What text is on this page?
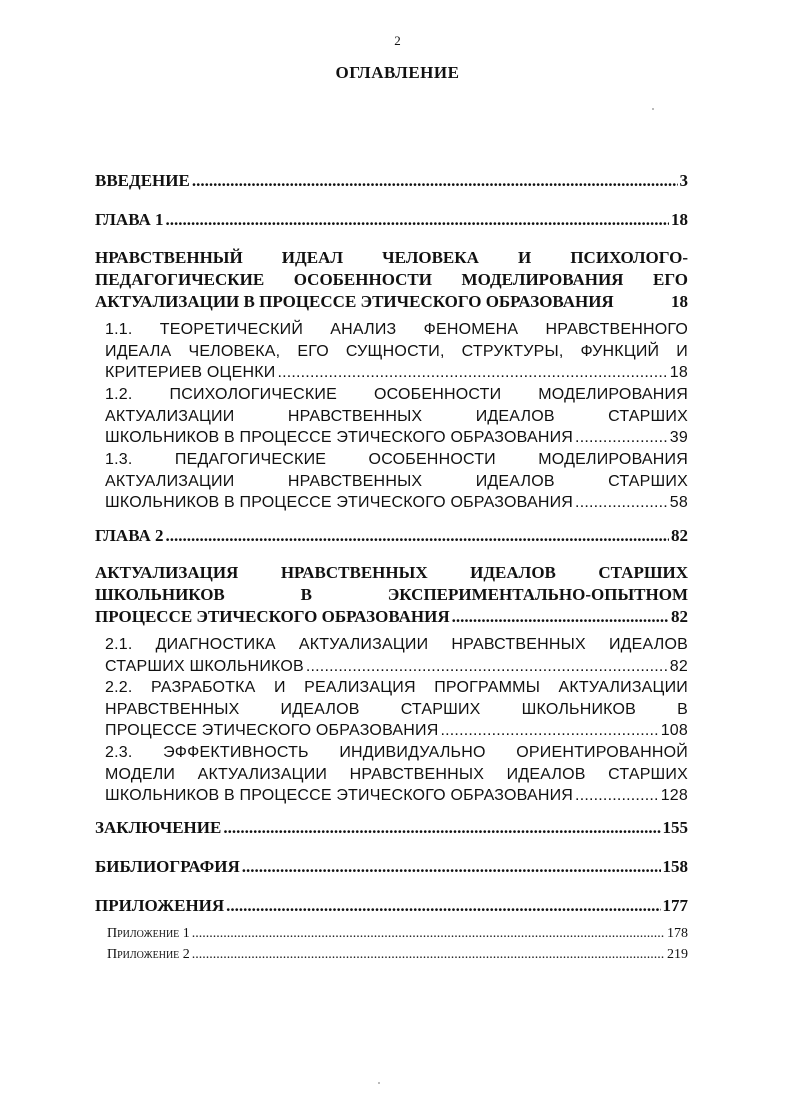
2
ОГЛАВЛЕНИЕ
ВВЕДЕНИЕ .....	3
ГЛАВА 1 .....	18
НРАВСТВЕННЫЙ ИДЕАЛ ЧЕЛОВЕКА И ПСИХОЛОГО-
ПЕДАГОГИЧЕСКИЕ ОСОБЕННОСТИ МОДЕЛИРОВАНИЯ ЕГО
АКТУАЛИЗАЦИИ В ПРОЦЕССЕ ЭТИЧЕСКОГО ОБРАЗОВАНИЯ	18
1.1. ТЕОРЕТИЧЕСКИЙ АНАЛИЗ ФЕНОМЕНА НРАВСТВЕННОГО
ИДЕАЛА ЧЕЛОВЕКА, ЕГО СУЩНОСТИ, СТРУКТУРЫ, ФУНКЦИЙ И
КРИТЕРИЕВ ОЦЕНКИ .....	18
1.2. ПСИХОЛОГИЧЕСКИЕ ОСОБЕННОСТИ МОДЕЛИРОВАНИЯ
АКТУАЛИЗАЦИИ НРАВСТВЕННЫХ ИДЕАЛОВ СТАРШИХ
ШКОЛЬНИКОВ В ПРОЦЕССЕ ЭТИЧЕСКОГО ОБРАЗОВАНИЯ .....	39
1.3. ПЕДАГОГИЧЕСКИЕ ОСОБЕННОСТИ МОДЕЛИРОВАНИЯ
АКТУАЛИЗАЦИИ НРАВСТВЕННЫХ ИДЕАЛОВ СТАРШИХ
ШКОЛЬНИКОВ В ПРОЦЕССЕ ЭТИЧЕСКОГО ОБРАЗОВАНИЯ .....	58
ГЛАВА 2 .....	82
АКТУАЛИЗАЦИЯ НРАВСТВЕННЫХ ИДЕАЛОВ СТАРШИХ
ШКОЛЬНИКОВ В ЭКСПЕРИМЕНТАЛЬНО-ОПЫТНОМ
ПРОЦЕССЕ ЭТИЧЕСКОГО ОБРАЗОВАНИЯ .....	82
2.1. ДИАГНОСТИКА АКТУАЛИЗАЦИИ НРАВСТВЕННЫХ ИДЕАЛОВ
СТАРШИХ ШКОЛЬНИКОВ .....	82
2.2. РАЗРАБОТКА И РЕАЛИЗАЦИЯ ПРОГРАММЫ АКТУАЛИЗАЦИИ
НРАВСТВЕННЫХ ИДЕАЛОВ СТАРШИХ ШКОЛЬНИКОВ В
ПРОЦЕССЕ ЭТИЧЕСКОГО ОБРАЗОВАНИЯ .....	108
2.3. ЭФФЕКТИВНОСТЬ ИНДИВИДУАЛЬНО ОРИЕНТИРОВАННОЙ
МОДЕЛИ АКТУАЛИЗАЦИИ НРАВСТВЕННЫХ ИДЕАЛОВ СТАРШИХ
ШКОЛЬНИКОВ В ПРОЦЕССЕ ЭТИЧЕСКОГО ОБРАЗОВАНИЯ .....	128
ЗАКЛЮЧЕНИЕ .....	155
БИБЛИОГРАФИЯ .....	158
ПРИЛОЖЕНИЯ .....	177
Приложение 1 .....	178
Приложение 2 .....	219
